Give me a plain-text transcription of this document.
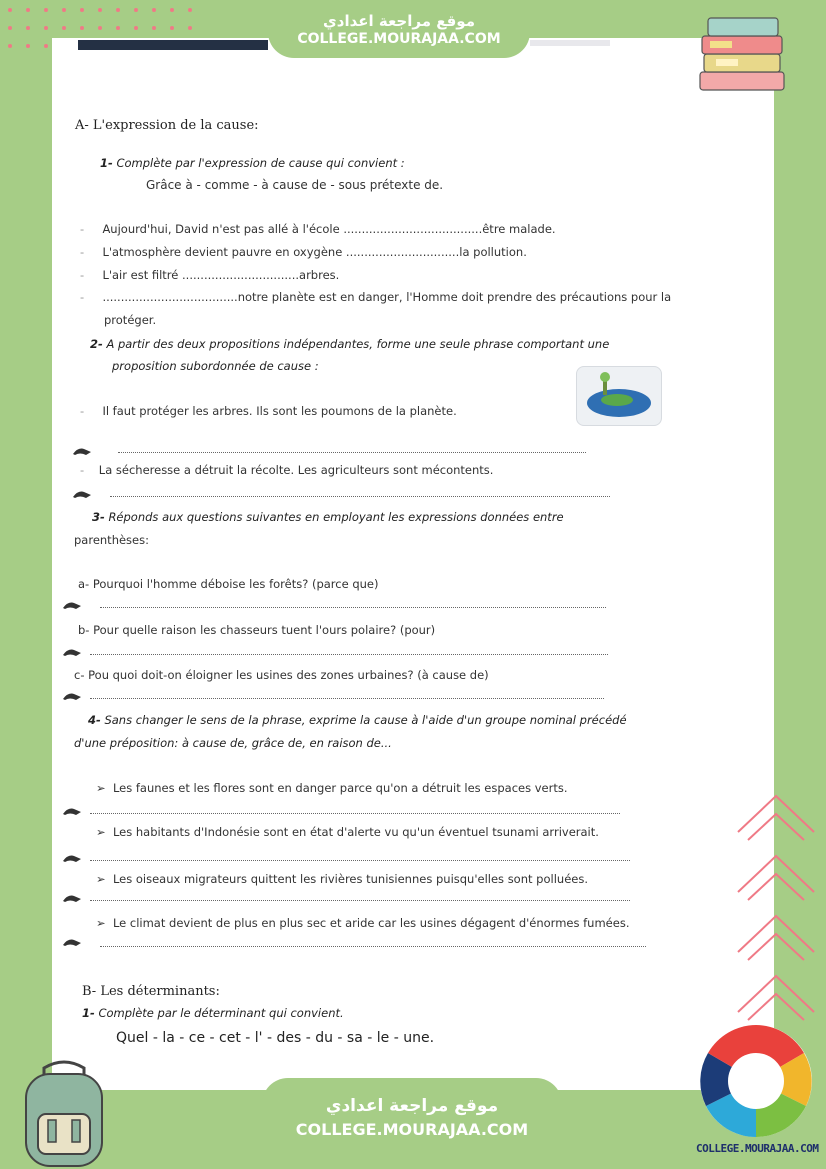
موقع مراجعة اعدادي
COLLEGE.MOURAJAA.COM
A- L'expression de la cause:
1- Complète par l'expression de cause qui convient :
Grâce à - comme - à cause de - sous prétexte de.
- Aujourd'hui, David n'est pas allé à l'école ......................................être malade.
- L'atmosphère devient pauvre en oxygène ...............................la pollution.
- L'air est filtré ................................arbres.
- .....................................notre planète est en danger, l'Homme doit prendre des précautions pour la
protéger.
2- A partir des deux propositions indépendantes, forme une seule phrase comportant une
proposition subordonnée de cause :
- Il faut protéger les arbres. Ils sont les poumons de la planète.
- La sécheresse a détruit la récolte. Les agriculteurs sont mécontents.
3- Réponds aux questions suivantes en employant les expressions données entre
parenthèses:
a- Pourquoi l'homme déboise les forêts? (parce que)
b- Pour quelle raison les chasseurs tuent l'ours polaire? (pour)
c- Pou quoi doit-on éloigner les usines des zones urbaines? (à cause de)
4- Sans changer le sens de la phrase, exprime la cause à l'aide d'un groupe nominal précédé
d'une préposition: à cause de, grâce de, en raison de...
➢ Les faunes et les flores sont en danger parce qu'on a détruit les espaces verts.
➢ Les habitants d'Indonésie sont en état d'alerte vu qu'un éventuel tsunami arriverait.
➢ Les oiseaux migrateurs quittent les rivières tunisiennes puisqu'elles sont polluées.
➢ Le climat devient de plus en plus sec et aride car les usines dégagent d'énormes fumées.
B- Les déterminants:
1- Complète par le déterminant qui convient.
Quel - la - ce - cet - l' - des - du - sa - le - une.
موقع مراجعة اعدادي
COLLEGE.MOURAJAA.COM
COLLEGE.MOURAJAA.COM
